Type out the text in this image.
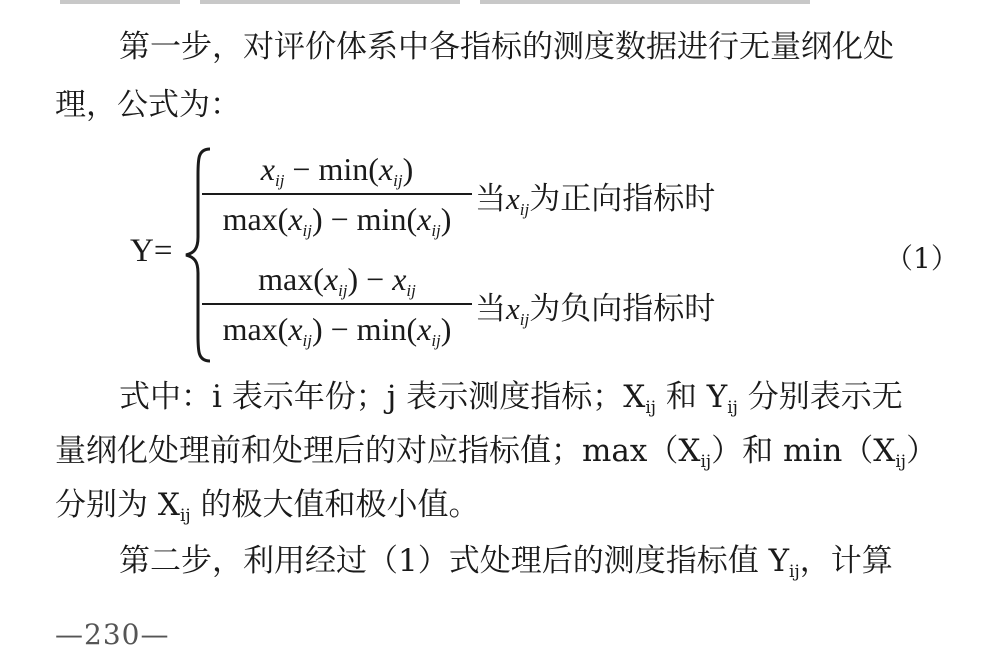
第一步，对评价体系中各指标的测度数据进行无量纲化处
理，公式为：
Y=
$x_{ij} - \min(x_{ij})$
$\max(x_{ij}) - \min(x_{ij})$
当$x_{ij}$为正向指标时
$\max(x_{ij}) - x_{ij}$
$\max(x_{ij}) - \min(x_{ij})$
当$x_{ij}$为负向指标时
（1）
式中：i 表示年份；j 表示测度指标；$X_{ij}$ 和 $Y_{ij}$ 分别表示无
量纲化处理前和处理后的对应指标值；$\max(X_{ij})$和 $\min(X_{ij})$
分别为 $X_{ij}$ 的极大值和极小值。
第二步，利用经过（1）式处理后的测度指标值 $Y_{ij}$，计算
—230—
